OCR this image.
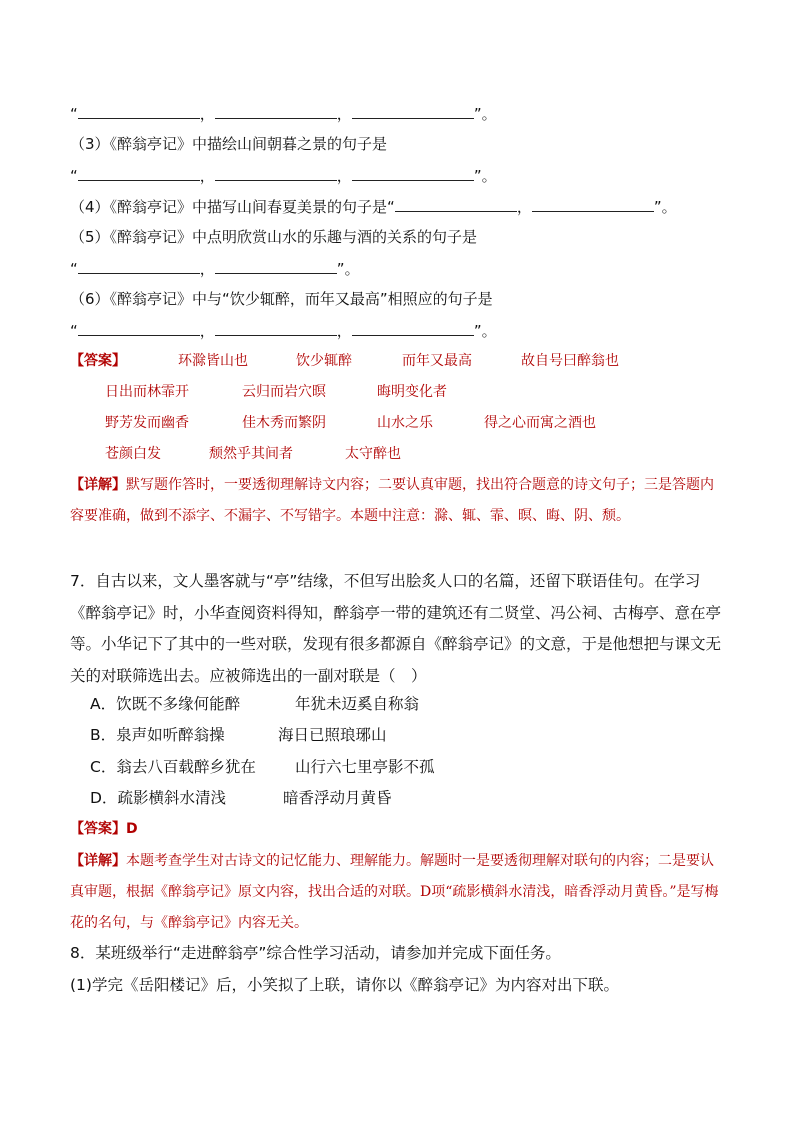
“	，	，	”。
（3）《醉翁亭记》中描绘山间朝暮之景的句子是
“	，	，	”。
（4）《醉翁亭记》中描写山间春夏美景的句子是“	，	”。
（5）《醉翁亭记》中点明欣赏山水的乐趣与酒的关系的句子是
“	，	”。
（6）《醉翁亭记》中与“饮少辄醉，而年又最高”相照应的句子是
“	，	，	”。
【答案】	环滁皆山也	饮少辄醉	而年又最高	故自号曰醉翁也
日出而林霏开	云归而岩穴暝	晦明变化者
野芳发而幽香	佳木秀而繁阴	山水之乐	得之心而寓之酒也
苍颜白发	颓然乎其间者	太守醉也
【详解】默写题作答时，一要透彻理解诗文内容；二要认真审题，找出符合题意的诗文句子；三是答题内容要准确，做到不添字、不漏字、不写错字。本题中注意：滁、辄、霏、暝、晦、阴、颓。
7．自古以来，文人墨客就与“亭”结缘，不但写出脍炙人口的名篇，还留下联语佳句。在学习《醉翁亭记》时，小华查阅资料得知，醉翁亭一带的建筑还有二贤堂、冯公祠、古梅亭、意在亭等。小华记下了其中的一些对联，发现有很多都源自《醉翁亭记》的文意，于是他想把与课文无关的对联筛选出去。应被筛选出的一副对联是（　）
A．饮既不多缘何能醉	年犹未迈奚自称翁
B．泉声如听醉翁操	海日已照琅琊山
C．翁去八百载醉乡犹在	山行六七里亭影不孤
D．疏影横斜水清浅	暗香浮动月黄昏
【答案】D
【详解】本题考查学生对古诗文的记忆能力、理解能力。解题时一是要透彻理解对联句的内容；二是要认真审题，根据《醉翁亭记》原文内容，找出合适的对联。D项“疏影横斜水清浅，暗香浮动月黄昏。”是写梅花的名句，与《醉翁亭记》内容无关。
8．某班级举行“走进醉翁亭”综合性学习活动，请参加并完成下面任务。
(1)学完《岳阳楼记》后，小笑拟了上联，请你以《醉翁亭记》为内容对出下联。
